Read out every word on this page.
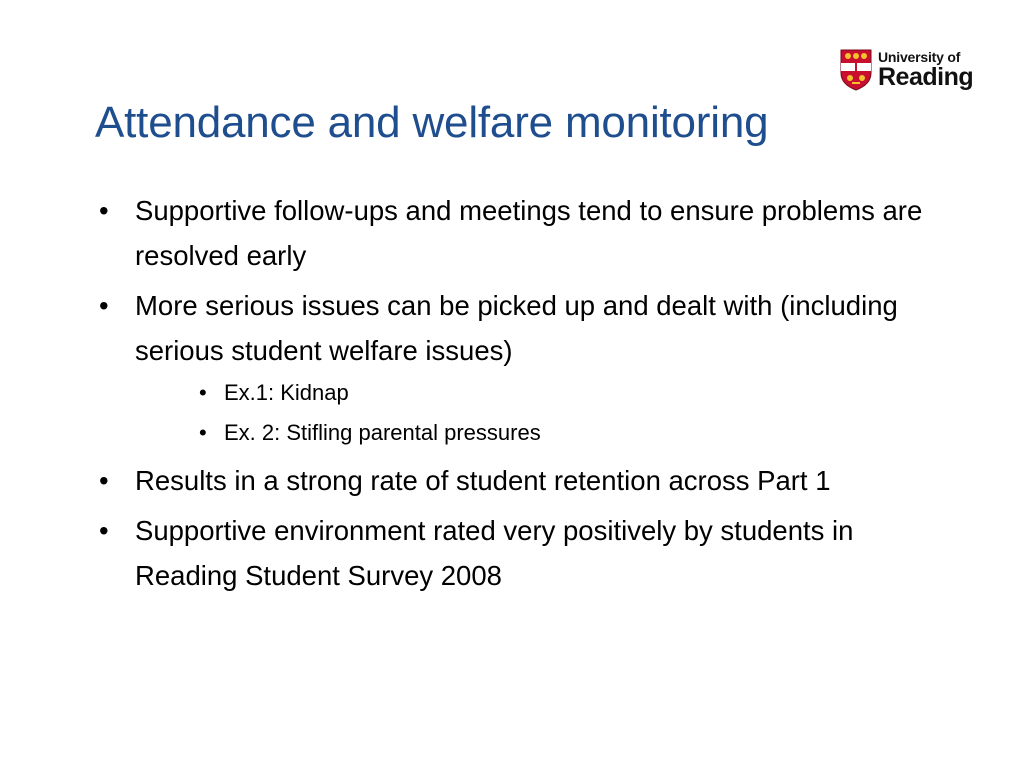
University of
Reading
Attendance and welfare monitoring
• Supportive follow-ups and meetings tend to ensure problems are resolved early
• More serious issues can be picked up and dealt with (including serious student welfare issues)
• Ex.1: Kidnap
• Ex. 2: Stifling parental pressures
• Results in a strong rate of student retention across Part 1
• Supportive environment rated very positively by students in Reading Student Survey 2008
